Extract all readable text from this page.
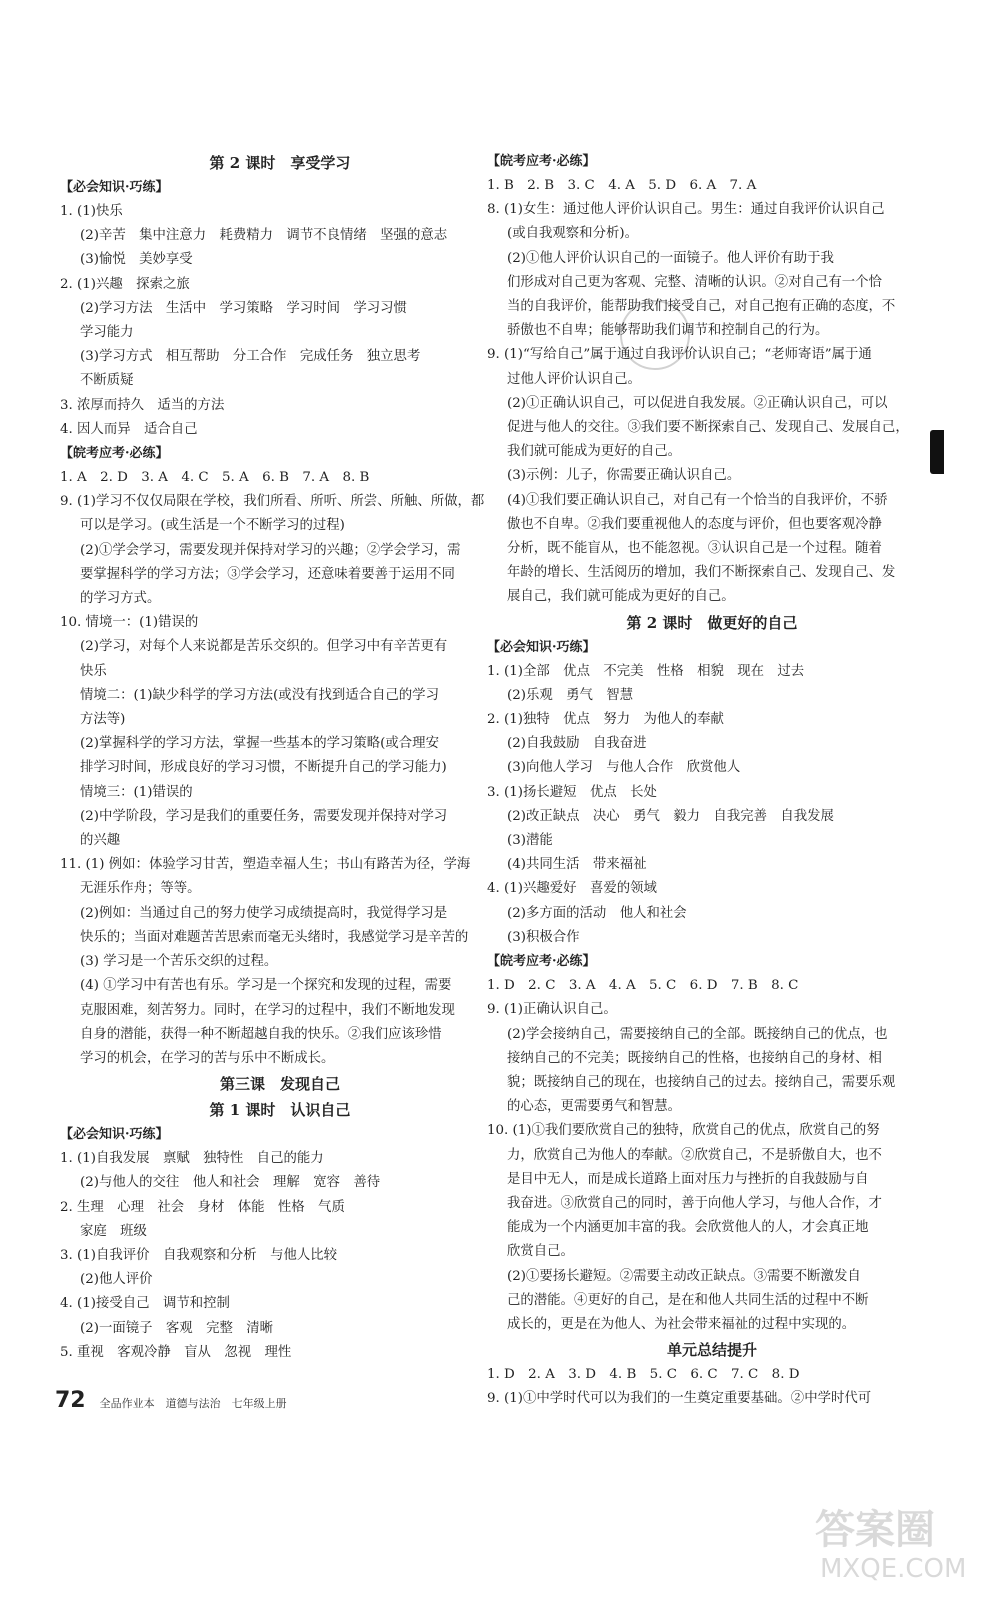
第 2 课时　享受学习
【必会知识·巧练】
1. (1)快乐
(2)辛苦　集中注意力　耗费精力　调节不良情绪　坚强的意志
(3)愉悦　美妙享受
2. (1)兴趣　探索之旅
(2)学习方法　生活中　学习策略　学习时间　学习习惯
学习能力
(3)学习方式　相互帮助　分工合作　完成任务　独立思考
不断质疑
3. 浓厚而持久　适当的方法
4. 因人而异　适合自己
【皖考应考·必练】
1. A　2. D　3. A　4. C　5. A　6. B　7. A　8. B
9. (1)学习不仅仅局限在学校，我们所看、所听、所尝、所触、所做，都
可以是学习。(或生活是一个不断学习的过程)
(2)①学会学习，需要发现并保持对学习的兴趣；②学会学习，需
要掌握科学的学习方法；③学会学习，还意味着要善于运用不同
的学习方式。
10. 情境一：(1)错误的
(2)学习，对每个人来说都是苦乐交织的。但学习中有辛苦更有
快乐
情境二：(1)缺少科学的学习方法(或没有找到适合自己的学习
方法等)
(2)掌握科学的学习方法，掌握一些基本的学习策略(或合理安
排学习时间，形成良好的学习习惯，不断提升自己的学习能力)
情境三：(1)错误的
(2)中学阶段，学习是我们的重要任务，需要发现并保持对学习
的兴趣
11. (1) 例如：体验学习甘苦，塑造幸福人生；书山有路苦为径，学海
无涯乐作舟；等等。
(2)例如：当通过自己的努力使学习成绩提高时，我觉得学习是
快乐的；当面对难题苦苦思索而毫无头绪时，我感觉学习是辛苦的
(3) 学习是一个苦乐交织的过程。
(4) ①学习中有苦也有乐。学习是一个探究和发现的过程，需要
克服困难，刻苦努力。同时，在学习的过程中，我们不断地发现
自身的潜能，获得一种不断超越自我的快乐。②我们应该珍惜
学习的机会，在学习的苦与乐中不断成长。
第三课　发现自己
第 1 课时　认识自己
【必会知识·巧练】
1. (1)自我发展　禀赋　独特性　自己的能力
(2)与他人的交往　他人和社会　理解　宽容　善待
2. 生理　心理　社会　身材　体能　性格　气质
家庭　班级
3. (1)自我评价　自我观察和分析　与他人比较
(2)他人评价
4. (1)接受自己　调节和控制
(2)一面镜子　客观　完整　清晰
5. 重视　客观冷静　盲从　忽视　理性
【皖考应考·必练】
1. B　2. B　3. C　4. A　5. D　6. A　7. A
8. (1)女生：通过他人评价认识自己。男生：通过自我评价认识自己
(或自我观察和分析)。
(2)①他人评价认识自己的一面镜子。他人评价有助于我
们形成对自己更为客观、完整、清晰的认识。②对自己有一个恰
当的自我评价，能帮助我们接受自己，对自己抱有正确的态度，不
骄傲也不自卑；能够帮助我们调节和控制自己的行为。
9. (1)“写给自己”属于通过自我评价认识自己；“老师寄语”属于通
过他人评价认识自己。
(2)①正确认识自己，可以促进自我发展。②正确认识自己，可以
促进与他人的交往。③我们要不断探索自己、发现自己、发展自己，
我们就可能成为更好的自己。
(3)示例：儿子，你需要正确认识自己。
(4)①我们要正确认识自己，对自己有一个恰当的自我评价，不骄
傲也不自卑。②我们要重视他人的态度与评价，但也要客观冷静
分析，既不能盲从，也不能忽视。③认识自己是一个过程。随着
年龄的增长、生活阅历的增加，我们不断探索自己、发现自己、发
展自己，我们就可能成为更好的自己。
第 2 课时　做更好的自己
【必会知识·巧练】
1. (1)全部　优点　不完美　性格　相貌　现在　过去
(2)乐观　勇气　智慧
2. (1)独特　优点　努力　为他人的奉献
(2)自我鼓励　自我奋进
(3)向他人学习　与他人合作　欣赏他人
3. (1)扬长避短　优点　长处
(2)改正缺点　决心　勇气　毅力　自我完善　自我发展
(3)潜能
(4)共同生活　带来福祉
4. (1)兴趣爱好　喜爱的领域
(2)多方面的活动　他人和社会
(3)积极合作
【皖考应考·必练】
1. D　2. C　3. A　4. A　5. C　6. D　7. B　8. C
9. (1)正确认识自己。
(2)学会接纳自己，需要接纳自己的全部。既接纳自己的优点，也
接纳自己的不完美；既接纳自己的性格，也接纳自己的身材、相
貌；既接纳自己的现在，也接纳自己的过去。接纳自己，需要乐观
的心态，更需要勇气和智慧。
10. (1)①我们要欣赏自己的独特，欣赏自己的优点，欣赏自己的努
力，欣赏自己为他人的奉献。②欣赏自己，不是骄傲自大，也不
是目中无人，而是成长道路上面对压力与挫折的自我鼓励与自
我奋进。③欣赏自己的同时，善于向他人学习，与他人合作，才
能成为一个内涵更加丰富的我。会欣赏他人的人，才会真正地
欣赏自己。
(2)①要扬长避短。②需要主动改正缺点。③需要不断激发自
己的潜能。④更好的自己，是在和他人共同生活的过程中不断
成长的，更是在为他人、为社会带来福祉的过程中实现的。
单元总结提升
1. D　2. A　3. D　4. B　5. C　6. C　7. C　8. D
9. (1)①中学时代可以为我们的一生奠定重要基础。②中学时代可
72 全品作业本　道德与法治　七年级上册
答案圈
MXQE.COM
